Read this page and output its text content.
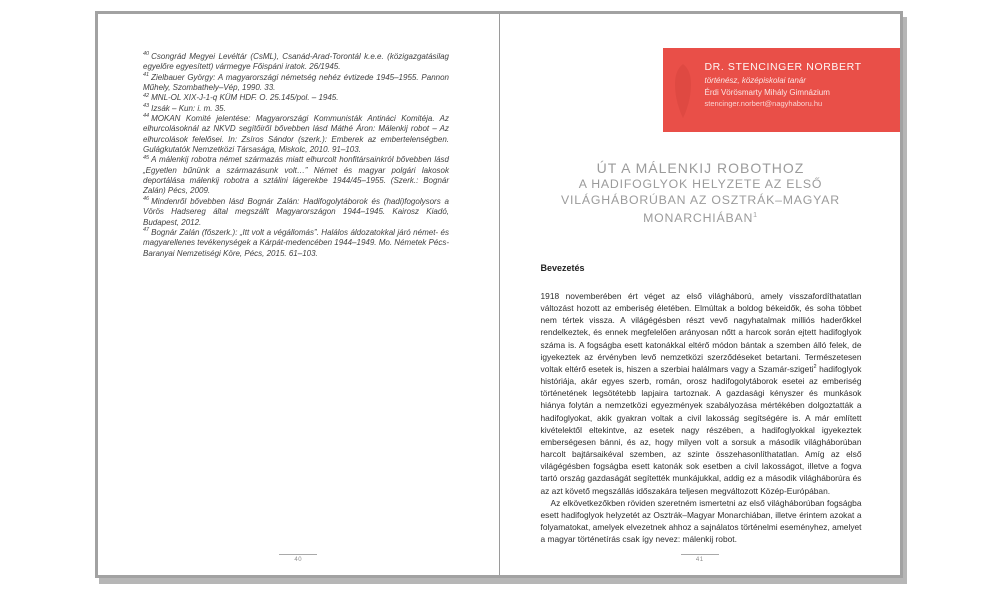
$^{40}$ Csongrád Megyei Levéltár (CsML), Csanád-Arad-Torontál k.e.e. (közigazgatásilag egyelőre egyesített) vármegye Főispáni iratok. 26/1945.
$^{41}$ Zielbauer György: A magyarországi németség nehéz évtizede 1945–1955. Pannon Műhely, Szombathely–Vép, 1990. 33.
$^{42}$ MNL-OL XIX-J-1-q KÜM HDF. O. 25.145/pol. – 1945.
$^{43}$ Izsák – Kun: i. m. 35.
$^{44}$ MOKAN Komité jelentése: Magyarországi Kommunisták Antináci Komitéja. Az elhurcolásoknál az NKVD segítőiről bővebben lásd Máthé Áron: Málenkij robot – Az elhurcolások felelősei. In: Zsíros Sándor (szerk.): Emberek az embertelenségben. Gulágkutatók Nemzetközi Társasága, Miskolc, 2010. 91–103.
$^{45}$ A málenkij robotra német származás miatt elhurcolt honfitársainkról bővebben lásd „Egyetlen bűnünk a származásunk volt…” Német és magyar polgári lakosok deportálása málenkij robotra a sztálini lágerekbe 1944/45–1955. (Szerk.: Bognár Zalán) Pécs, 2009.
$^{46}$ Mindenről bővebben lásd Bognár Zalán: Hadifogolytáborok és (hadi)fogolysors a Vörös Hadsereg által megszállt Magyarországon 1944–1945. Kairosz Kiadó, Budapest, 2012.
$^{47}$ Bognár Zalán (főszerk.): „Itt volt a végállomás”. Halálos áldozatokkal járó német- és magyarellenes tevékenységek a Kárpát-medencében 1944–1949. Mo. Németek Pécs-Baranyai Nemzetiségi Köre, Pécs, 2015. 61–103.
40
DR. STENCINGER NORBERT
történész, középiskolai tanár
Érdi Vörösmarty Mihály Gimnázium
stencinger.norbert@nagyhaboru.hu
ÚT A MÁLENKIJ ROBOTHOZ
A HADIFOGLYOK HELYZETE AZ ELSŐ
VILÁGHÁBORÚBAN AZ OSZTRÁK–MAGYAR
MONARCHIÁBAN$^1$
Bevezetés

1918 novemberében ért véget az első világháború, amely visszafordíthatatlan változást hozott az emberiség életében. Elmúltak a boldog békeidők, és soha többet nem tértek vissza. A világégésben részt vevő nagyhatalmak milliós haderőkkel rendelkeztek, és ennek megfelelően arányosan nőtt a harcok során ejtett hadifoglyok száma is. A fogságba esett katonákkal eltérő módon bántak a szemben álló felek, de igyekeztek az érvényben levő nemzetközi szerződéseket betartani. Természetesen voltak eltérő esetek is, hiszen a szerbiai halálmars vagy a Szamár-szigeti$^2$ hadifoglyok históriája, akár egyes szerb, román, orosz hadifogolytáborok esetei az emberiség történetének legsötétebb lapjaira tartoznak. A gazdasági kényszer és munkások hiánya folytán a nemzetközi egyezmények szabályozása mértékében dolgoztatták a hadifoglyokat, akik gyakran voltak a civil lakosság segítségére is. A már említett kivételektől eltekintve, az esetek nagy részében, a hadifoglyokkal igyekeztek emberségesen bánni, és az, hogy milyen volt a sorsuk a második világháborúban harcolt bajtársaikéval szemben, az szinte összehasonlíthatatlan. Amíg az első világégésben fogságba esett katonák sok esetben a civil lakosságot, illetve a fogva tartó ország gazdaságát segítették munkájukkal, addig ez a második világháborúra és az azt követő megszállás időszakára teljesen megváltozott Közép-Európában.

Az elkövetkezőkben röviden szeretném ismertetni az első világháborúban fogságba esett hadifoglyok helyzetét az Osztrák–Magyar Monarchiában, illetve érintem azokat a folyamatokat, amelyek elvezetnek ahhoz a sajnálatos történelmi eseményhez, amelyet a magyar történetírás csak így nevez: málenkij robot.

41
